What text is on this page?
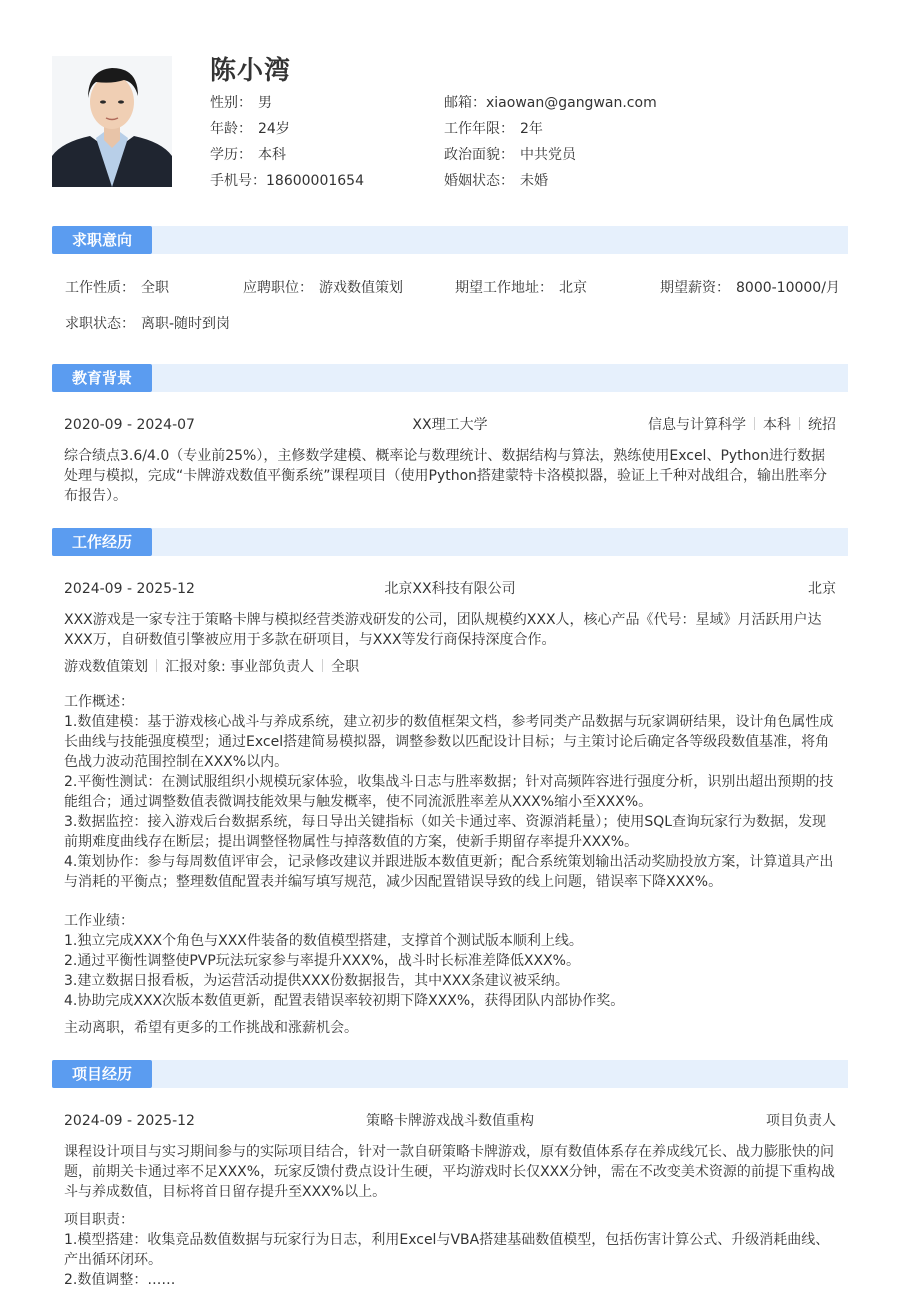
陈小湾
性别： 男
年龄： 24岁
学历： 本科
手机号：18600001654
邮箱：xiaowan@gangwan.com
工作年限： 2年
政治面貌： 中共党员
婚姻状态： 未婚
求职意向
工作性质： 全职	应聘职位： 游戏数值策划	期望工作地址： 北京	期望薪资： 8000-10000/月
求职状态： 离职-随时到岗
教育背景
2020-09 - 2024-07	XX理工大学	信息与计算科学 本科 统招
综合绩点3.6/4.0（专业前25%），主修数学建模、概率论与数理统计、数据结构与算法，熟练使用Excel、Python进行数据处理与模拟，完成“卡牌游戏数值平衡系统”课程项目（使用Python搭建蒙特卡洛模拟器，验证上千种对战组合，输出胜率分布报告）。
工作经历
2024-09 - 2025-12	北京XX科技有限公司	北京
XXX游戏是一家专注于策略卡牌与模拟经营类游戏研发的公司，团队规模约XXX人，核心产品《代号：星域》月活跃用户达XXX万，自研数值引擎被应用于多款在研项目，与XXX等发行商保持深度合作。
游戏数值策划 汇报对象: 事业部负责人 全职
工作概述：
1.数值建模：基于游戏核心战斗与养成系统，建立初步的数值框架文档，参考同类产品数据与玩家调研结果，设计角色属性成长曲线与技能强度模型；通过Excel搭建简易模拟器，调整参数以匹配设计目标；与主策讨论后确定各等级段数值基准，将角色战力波动范围控制在XXX%以内。
2.平衡性测试：在测试服组织小规模玩家体验，收集战斗日志与胜率数据；针对高频阵容进行强度分析，识别出超出预期的技能组合；通过调整数值表微调技能效果与触发概率，使不同流派胜率差从XXX%缩小至XXX%。
3.数据监控：接入游戏后台数据系统，每日导出关键指标（如关卡通过率、资源消耗量）；使用SQL查询玩家行为数据，发现前期难度曲线存在断层；提出调整怪物属性与掉落数值的方案，使新手期留存率提升XXX%。
4.策划协作：参与每周数值评审会，记录修改建议并跟进版本数值更新；配合系统策划输出活动奖励投放方案，计算道具产出与消耗的平衡点；整理数值配置表并编写填写规范，减少因配置错误导致的线上问题，错误率下降XXX%。
工作业绩：
1.独立完成XXX个角色与XXX件装备的数值模型搭建，支撑首个测试版本顺利上线。
2.通过平衡性调整使PVP玩法玩家参与率提升XXX%，战斗时长标准差降低XXX%。
3.建立数据日报看板，为运营活动提供XXX份数据报告，其中XXX条建议被采纳。
4.协助完成XXX次版本数值更新，配置表错误率较初期下降XXX%，获得团队内部协作奖。
主动离职，希望有更多的工作挑战和涨薪机会。
项目经历
2024-09 - 2025-12	策略卡牌游戏战斗数值重构	项目负责人
课程设计项目与实习期间参与的实际项目结合，针对一款自研策略卡牌游戏，原有数值体系存在养成线冗长、战力膨胀快的问题，前期关卡通过率不足XXX%，玩家反馈付费点设计生硬，平均游戏时长仅XXX分钟，需在不改变美术资源的前提下重构战斗与养成数值，目标将首日留存提升至XXX%以上。
项目职责：
1.模型搭建：收集竞品数值数据与玩家行为日志，利用Excel与VBA搭建基础数值模型，包括伤害计算公式、升级消耗曲线、产出循环闭环。
2.数值调整：……
